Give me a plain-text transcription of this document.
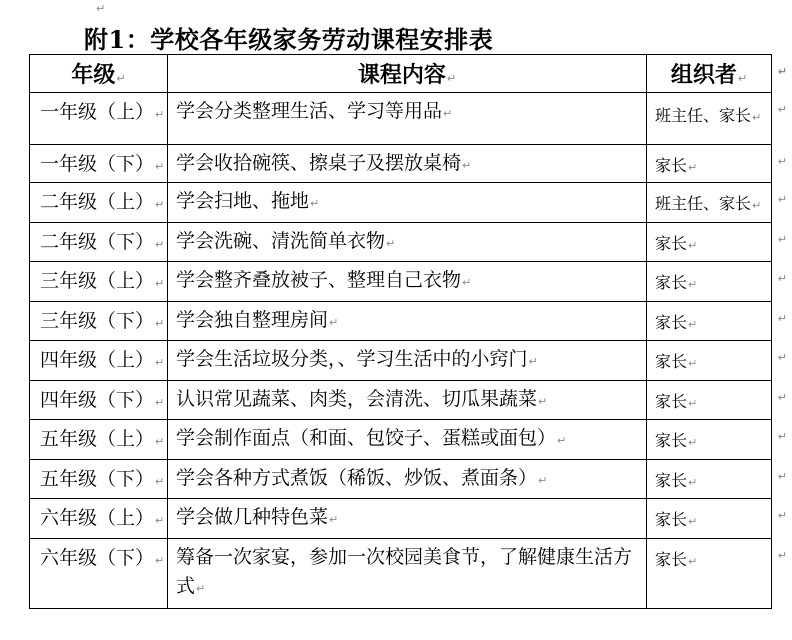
↵
附1：学校各年级家务劳动课程安排表
年级↵	课程内容↵	组织者↵
↵

一年级（上）↵	学会分类整理生活、学习等用品↵	班主任、家长↵
↵

一年级（下）↵	学会收拾碗筷、擦桌子及摆放桌椅↵	家长↵ ↵

二年级（上）↵	学会扫地、拖地↵	班主任、家长↵ ↵

二年级（下）↵	学会洗碗、清洗简单衣物↵	家长↵ ↵

三年级（上）↵	学会整齐叠放被子、整理自己衣物↵	家长↵ ↵

三年级（下）↵	学会独自整理房间↵	家长↵ ↵

四年级（上）↵	学会生活垃圾分类，、学习生活中的小窍门↵	家长↵ ↵

四年级（下）↵	认识常见蔬菜、肉类，会清洗、切瓜果蔬菜↵	家长↵ ↵

五年级（上）↵	学会制作面点（和面、包饺子、蛋糕或面包）↵	家长↵ ↵

五年级（下）↵	学会各种方式煮饭（稀饭、炒饭、煮面条）↵	家长↵ ↵

六年级（上）↵	学会做几种特色菜↵	家长↵ ↵

六年级（下）↵	筹备一次家宴，参加一次校园美食节，了解健康生活方式↵	家长↵ ↵
